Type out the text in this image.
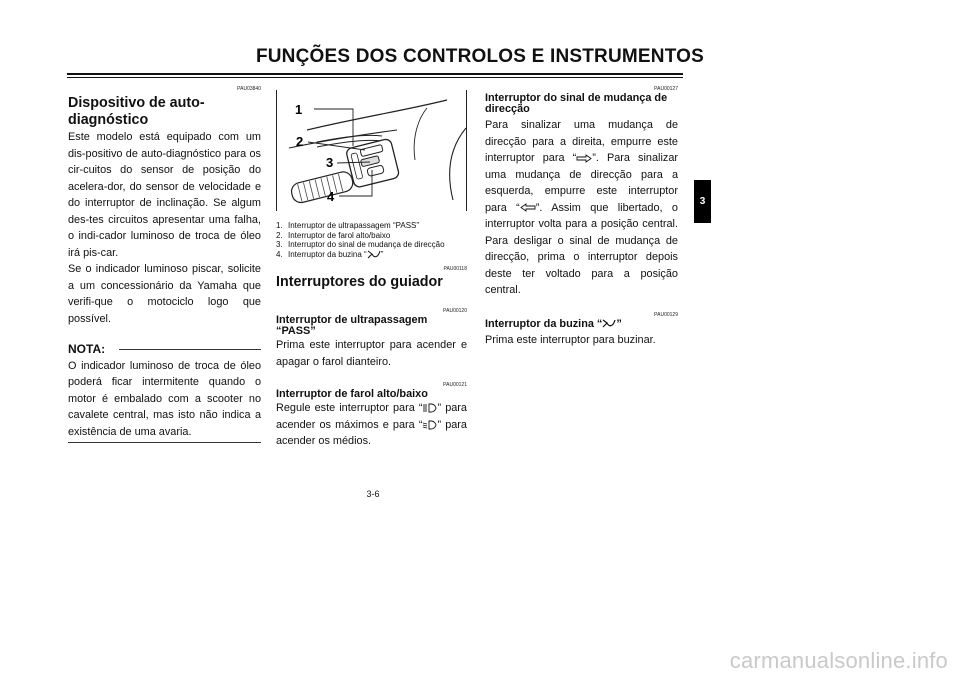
FUNÇÕES DOS CONTROLOS E INSTRUMENTOS
PAU03840
Dispositivo de auto-diagnóstico
Este modelo está equipado com um dis-positivo de auto-diagnóstico para os cir-cuitos do sensor de posição do acelera-dor, do sensor de velocidade e do interruptor de inclinação. Se algum des-tes circuitos apresentar uma falha, o indi-cador luminoso de troca de óleo irá pis-car.
Se o indicador luminoso piscar, solicite a um concessionário da Yamaha que verifi-que o motociclo logo que possível.
NOTA:
O indicador luminoso de troca de óleo poderá ficar intermitente quando o motor é embalado com a scooter no cavalete central, mas isto não indica a existência de uma avaria.
1
2
3
4
1. Interruptor de ultrapassagem “PASS”
2. Interruptor de farol alto/baixo
3. Interruptor do sinal de mudança de direcção
4. Interruptor da buzina “ ”
PAU00118
Interruptores do guiador
PAU00120
Interruptor de ultrapassagem “PASS”
Prima este interruptor para acender e apagar o farol dianteiro.
PAU00121
Interruptor de farol alto/baixo
Regule este interruptor para “ ” para acender os máximos e para “ ” para acender os médios.
PAU00127
Interruptor do sinal de mudança de direcção
Para sinalizar uma mudança de direcção para a direita, empurre este interruptor para “ ”. Para sinalizar uma mudança de direcção para a esquerda, empurre este interruptor para “ ”. Assim que libertado, o interruptor volta para a posição central. Para desligar o sinal de mudança de direcção, prima o interruptor depois deste ter voltado para a posição central.
PAU00129
Interruptor da buzina “ ”
Prima este interruptor para buzinar.
3
3-6
carmanualsonline.info
